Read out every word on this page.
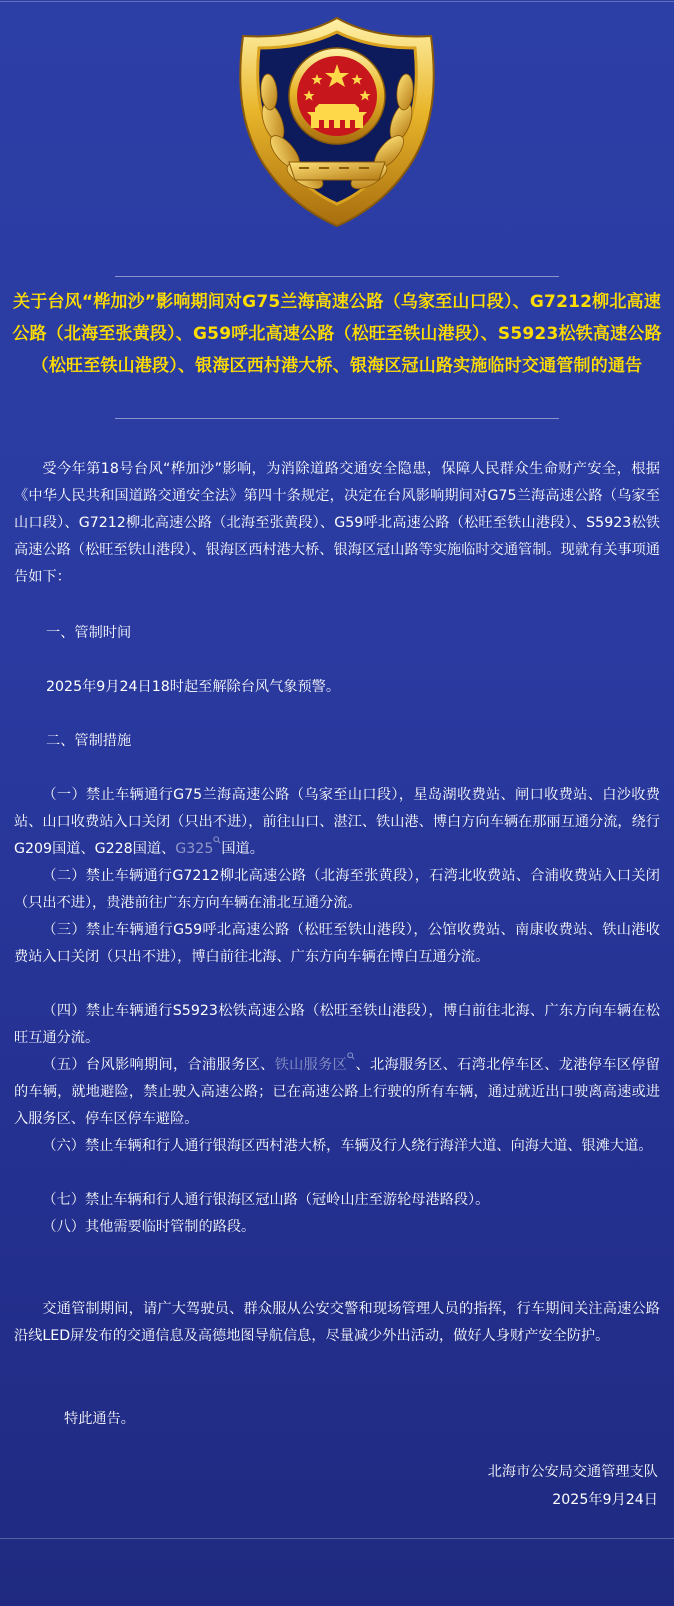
关于台风“桦加沙”影响期间对G75兰海高速公路（乌家至山口段）、G7212柳北高速公路（北海至张黄段）、G59呼北高速公路（松旺至铁山港段）、S5923松铁高速公路（松旺至铁山港段）、银海区西村港大桥、银海区冠山路实施临时交通管制的通告
受今年第18号台风“桦加沙”影响，为消除道路交通安全隐患，保障人民群众生命财产安全，根据《中华人民共和国道路交通安全法》第四十条规定，决定在台风影响期间对G75兰海高速公路（乌家至山口段）、G7212柳北高速公路（北海至张黄段）、G59呼北高速公路（松旺至铁山港段）、S5923松铁高速公路（松旺至铁山港段）、银海区西村港大桥、银海区冠山路等实施临时交通管制。现就有关事项通告如下：
一、管制时间
2025年9月24日18时起至解除台风气象预警。
二、管制措施
（一）禁止车辆通行G75兰海高速公路（乌家至山口段），星岛湖收费站、闸口收费站、白沙收费站、山口收费站入口关闭（只出不进），前往山口、湛江、铁山港、博白方向车辆在那丽互通分流，绕行G209国道、G228国道、G325 国道。
（二）禁止车辆通行G7212柳北高速公路（北海至张黄段），石湾北收费站、合浦收费站入口关闭（只出不进），贵港前往广东方向车辆在浦北互通分流。
（三）禁止车辆通行G59呼北高速公路（松旺至铁山港段），公馆收费站、南康收费站、铁山港收费站入口关闭（只出不进），博白前往北海、广东方向车辆在博白互通分流。
（四）禁止车辆通行S5923松铁高速公路（松旺至铁山港段），博白前往北海、广东方向车辆在松旺互通分流。
（五）台风影响期间，合浦服务区、铁山服务区 、北海服务区、石湾北停车区、龙港停车区停留的车辆，就地避险，禁止驶入高速公路；已在高速公路上行驶的所有车辆，通过就近出口驶离高速或进入服务区、停车区停车避险。
（六）禁止车辆和行人通行银海区西村港大桥，车辆及行人绕行海洋大道、向海大道、银滩大道。
（七）禁止车辆和行人通行银海区冠山路（冠岭山庄至游轮母港路段）。
（八）其他需要临时管制的路段。
交通管制期间，请广大驾驶员、群众服从公安交警和现场管理人员的指挥，行车期间关注高速公路沿线LED屏发布的交通信息及高德地图导航信息，尽量减少外出活动，做好人身财产安全防护。
特此通告。
北海市公安局交通管理支队
2025年9月24日
